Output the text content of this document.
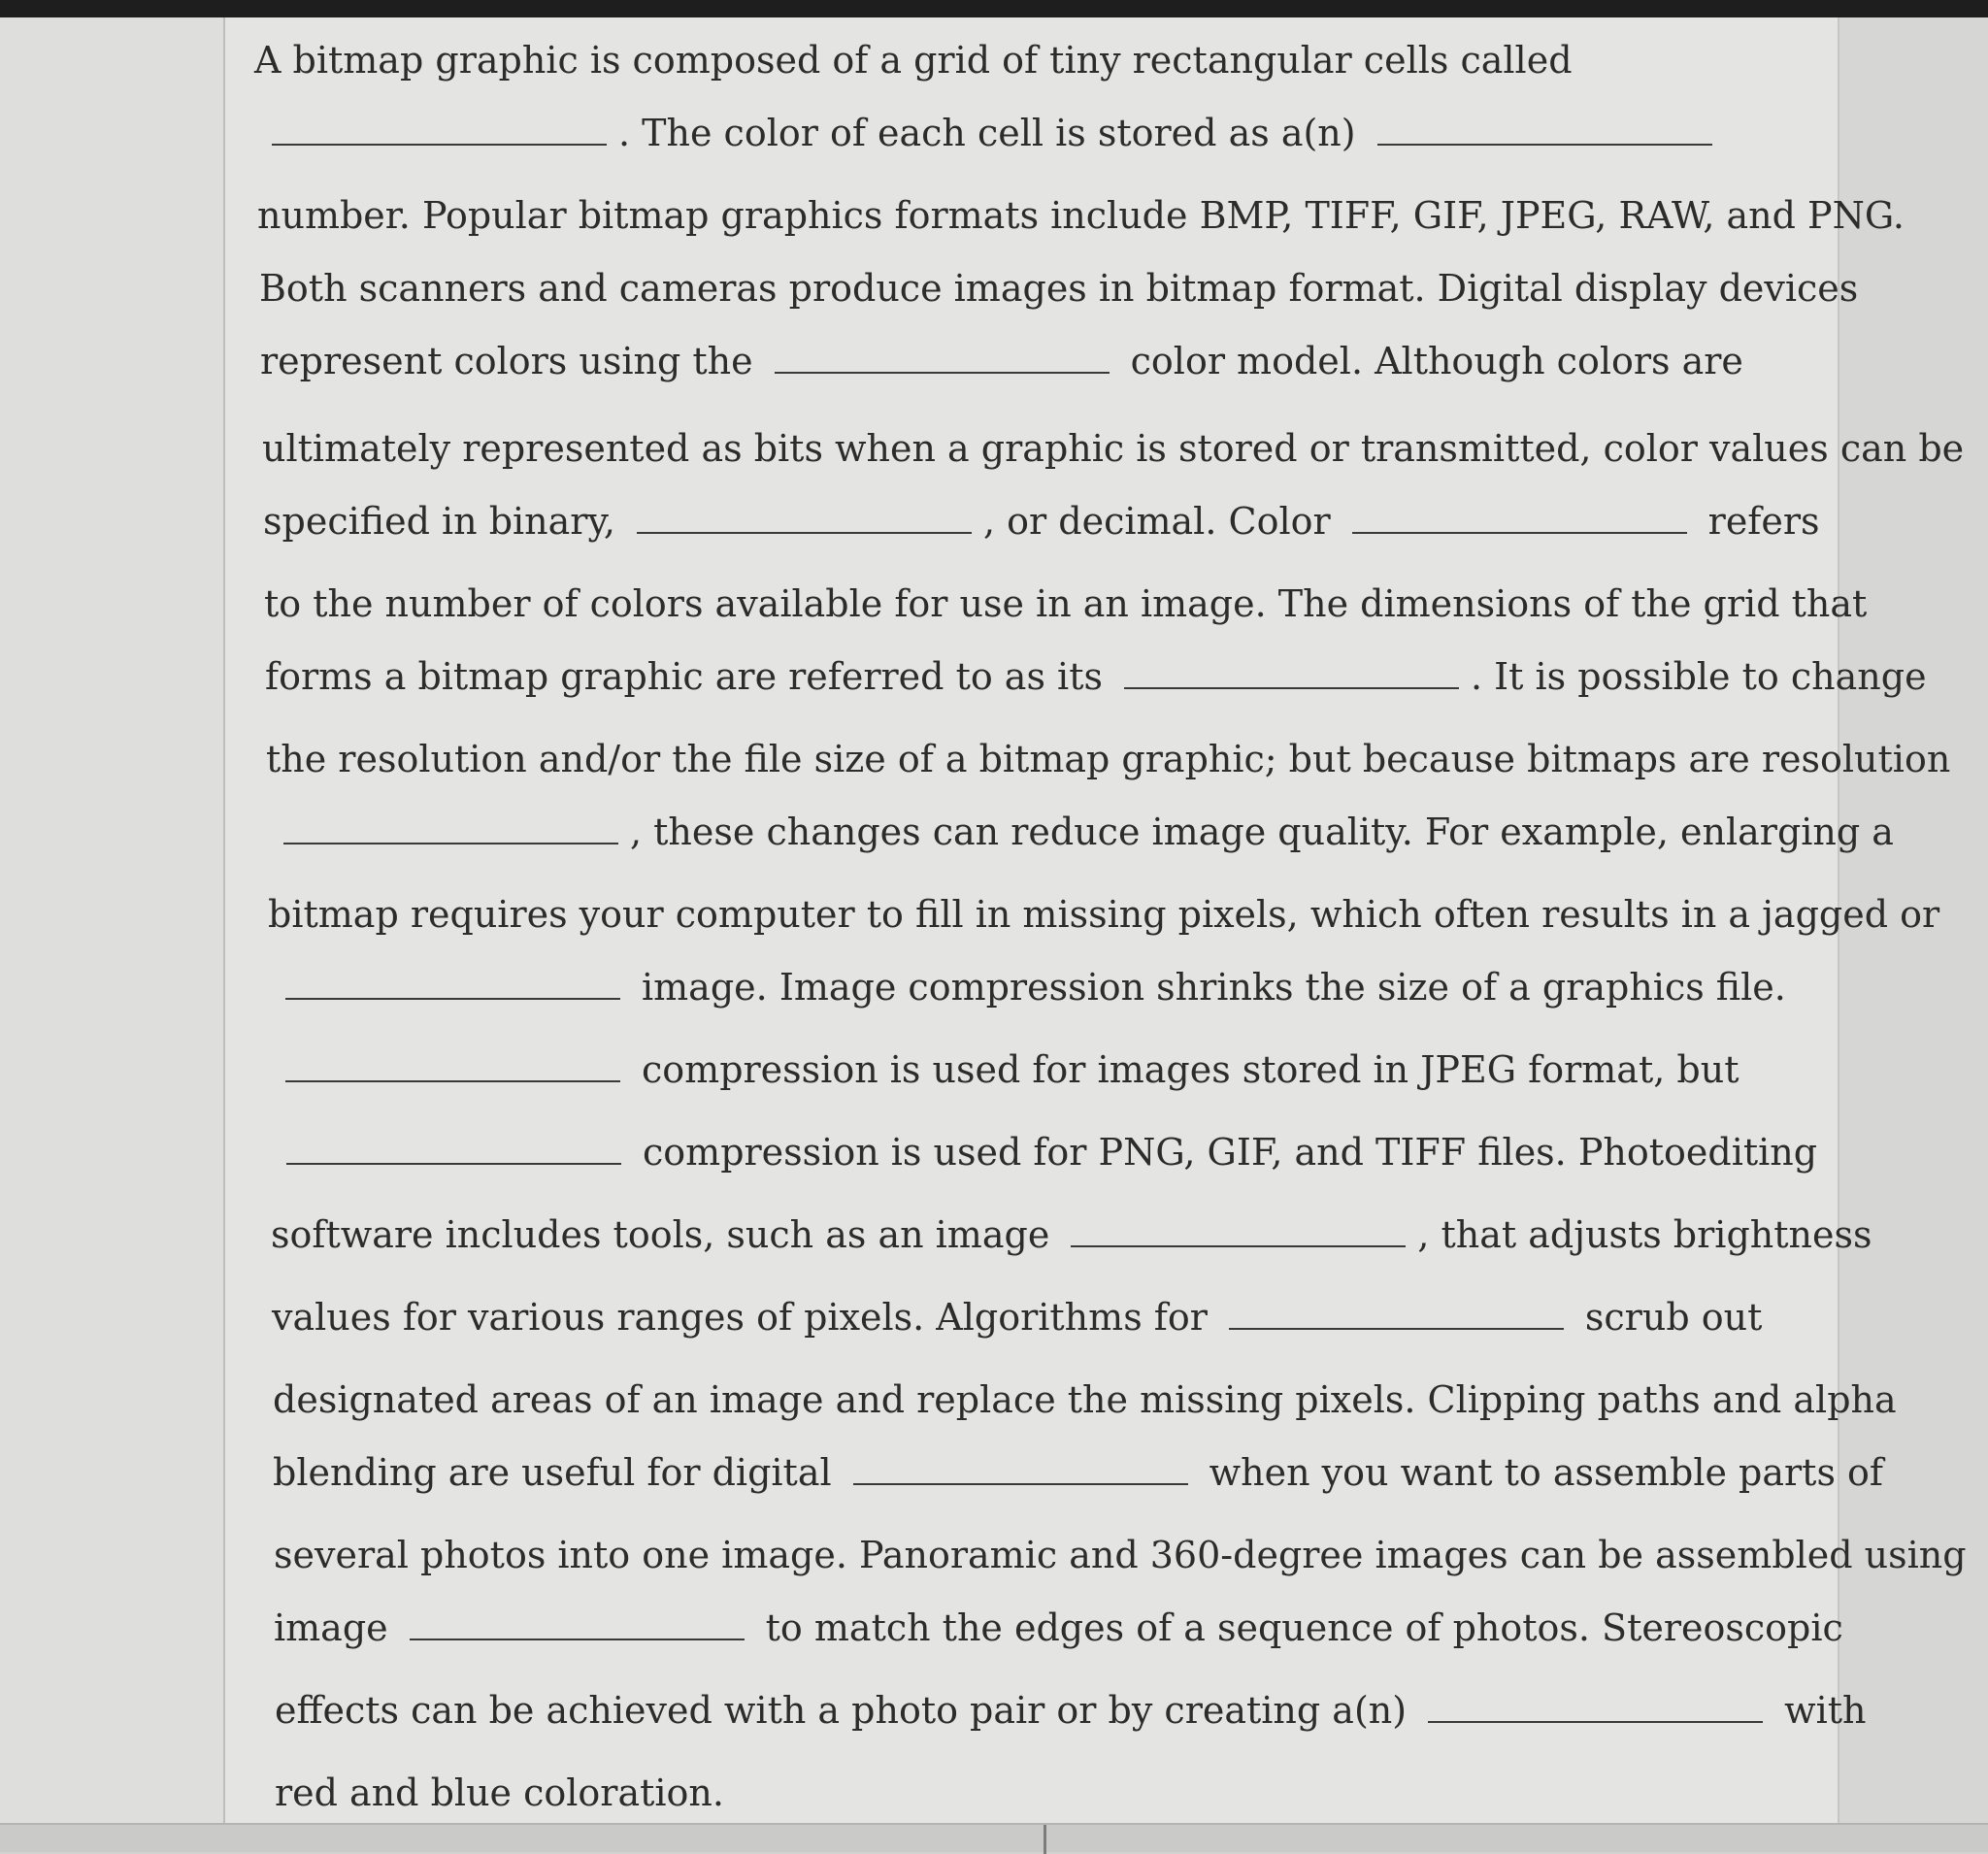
A bitmap graphic is composed of a grid of tiny rectangular cells called

. The color of each cell is stored as a(n)

number. Popular bitmap graphics formats include BMP, TIFF, GIF, JPEG, RAW, and PNG.

Both scanners and cameras produce images in bitmap format. Digital display devices

represent colors using the	color model. Although colors are

ultimately represented as bits when a graphic is stored or transmitted, color values can be

specified in binary,	, or decimal. Color	refers

to the number of colors available for use in an image. The dimensions of the grid that

forms a bitmap graphic are referred to as its	. It is possible to change

the resolution and/or the file size of a bitmap graphic; but because bitmaps are resolution

, these changes can reduce image quality. For example, enlarging a

bitmap requires your computer to fill in missing pixels, which often results in a jagged or

image. Image compression shrinks the size of a graphics file.

compression is used for images stored in JPEG format, but

compression is used for PNG, GIF, and TIFF files. Photoediting

software includes tools, such as an image	, that adjusts brightness

values for various ranges of pixels. Algorithms for	scrub out

designated areas of an image and replace the missing pixels. Clipping paths and alpha

blending are useful for digital	when you want to assemble parts of

several photos into one image. Panoramic and 360-degree images can be assembled using

image	to match the edges of a sequence of photos. Stereoscopic

effects can be achieved with a photo pair or by creating a(n)	with

red and blue coloration.
